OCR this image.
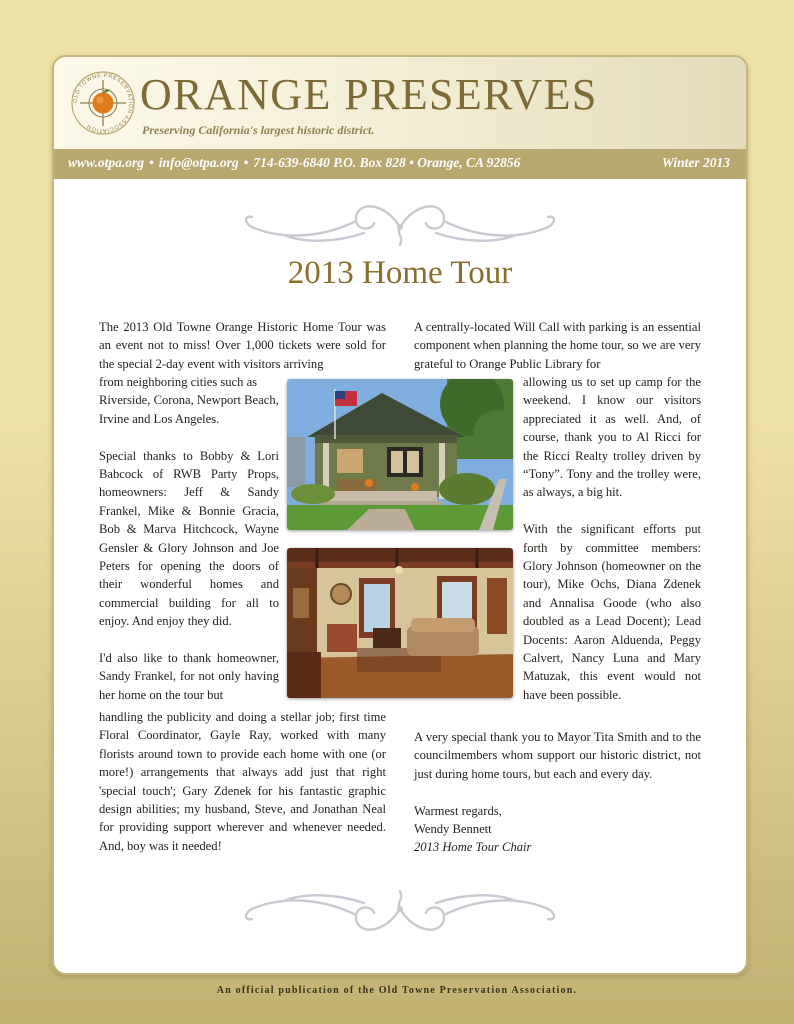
OLD TOWNE PRESERVATION ASSOCIATION
ORANGE PRESERVES
Preserving California's largest historic district.
www.otpa.org • info@otpa.org • 714-639-6840 P.O. Box 828 • Orange, CA 92856	Winter 2013
2013 Home Tour

The 2013 Old Towne Orange Historic Home Tour was an event not to miss! Over 1,000 tickets were sold for the special 2-day event with visitors arriving

from neighboring cities such as Riverside, Corona, Newport Beach, Irvine and Los Angeles.

Special thanks to Bobby & Lori Babcock of RWB Party Props, homeowners: Jeff & Sandy Frankel, Mike & Bonnie Gracia, Bob & Marva Hitchcock, Wayne Gensler & Glory Johnson and Joe Peters for opening the doors of their wonderful homes and commercial building for all to enjoy. And enjoy they did.

I'd also like to thank homeowner, Sandy Frankel, for not only having her home on the tour but

handling the publicity and doing a stellar job; first time Floral Coordinator, Gayle Ray, worked with many florists around town to provide each home with one (or more!) arrangements that always add just that right 'special touch'; Gary Zdenek for his fantastic graphic design abilities; my husband, Steve, and Jonathan Neal for providing support wherever and whenever needed. And, boy was it needed!

A centrally-located Will Call with parking is an essential component when planning the home tour, so we are very grateful to Orange Public Library for

allowing us to set up camp for the weekend. I know our visitors appreciated it as well. And, of course, thank you to Al Ricci for the Ricci Realty trolley driven by “Tony”. Tony and the trolley were, as always, a big hit.

With the significant efforts put forth by committee members: Glory Johnson (homeowner on the tour), Mike Ochs, Diana Zdenek and Annalisa Goode (who also doubled as a Lead Docent); Lead Docents: Aaron Alduenda, Peggy Calvert, Nancy Luna and Mary Matuzak, this event would not have been possible.

A very special thank you to Mayor Tita Smith and to the councilmembers whom support our historic district, not just during home tours, but each and every day.

Warmest regards,

Wendy Bennett

2013 Home Tour Chair

An official publication of the Old Towne Preservation Association.
